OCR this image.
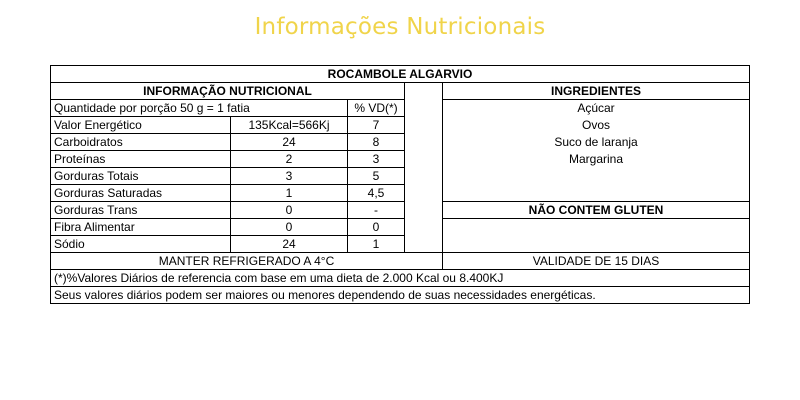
Informações Nutricionais
ROCAMBOLE ALGARVIO				
INFORMAÇÃO NUTRICIONAL				INGREDIENTES
Quantidade por porção 50 g = 1 fatia		% VD(*)		Açúcar
Valor Energético	135Kcal=566Kj	7		Ovos
Carboidratos	24	8		Suco de laranja
Proteínas	2	3		Margarina
Gorduras Totais	3	5		
Gorduras Saturadas	1	4,5		
Gorduras Trans	0	-		NÃO CONTEM GLUTEN
Fibra Alimentar	0	0		
Sódio	24	1		
MANTER REFRIGERADO A 4°C				VALIDADE DE 15 DIAS
(*)%Valores Diários de referencia com base em uma dieta de 2.000 Kcal ou 8.400KJ				
Seus valores diários podem ser maiores ou menores dependendo de suas necessidades energéticas.				
